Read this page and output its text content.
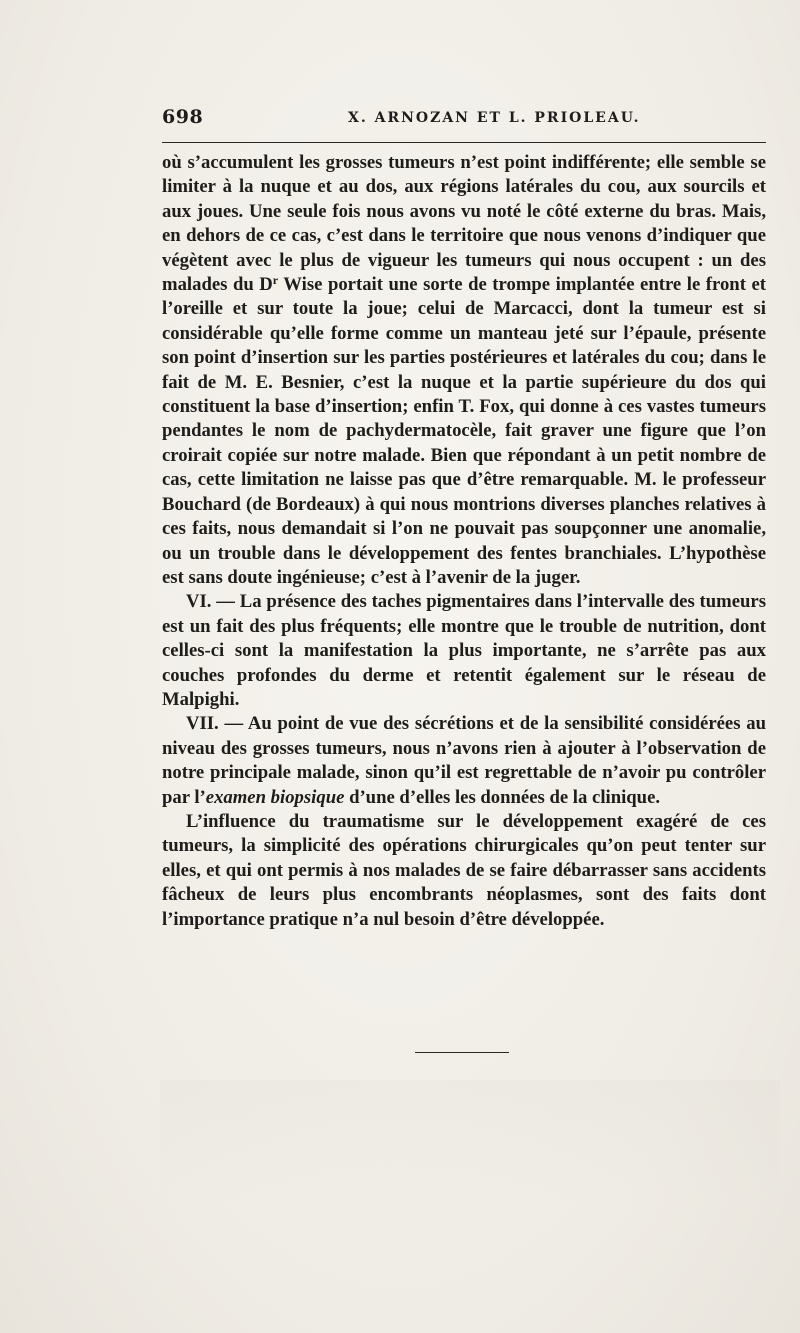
698	X. ARNOZAN ET L. PRIOLEAU.

où s’accumulent les grosses tumeurs n’est point indifférente; elle semble se limiter à la nuque et au dos, aux régions latérales du cou, aux sourcils et aux joues. Une seule fois nous avons vu noté le côté externe du bras. Mais, en dehors de ce cas, c’est dans le territoire que nous venons d’indiquer que végètent avec le plus de vigueur les tumeurs qui nous occupent : un des malades du $D^r$ Wise portait une sorte de trompe implantée entre le front et l’oreille et sur toute la joue; celui de Marcacci, dont la tumeur est si considérable qu’elle forme comme un manteau jeté sur l’épaule, présente son point d’insertion sur les parties postérieures et latérales du cou; dans le fait de M. E. Besnier, c’est la nuque et la partie supérieure du dos qui constituent la base d’insertion; enfin T. Fox, qui donne à ces vastes tumeurs pendantes le nom de pachydermatocèle, fait graver une figure que l’on croirait copiée sur notre malade. Bien que répondant à un petit nombre de cas, cette limitation ne laisse pas que d’être remarquable. M. le professeur Bouchard (de Bordeaux) à qui nous montrions diverses planches relatives à ces faits, nous demandait si l’on ne pouvait pas soupçonner une anomalie, ou un trouble dans le développement des fentes branchiales. L’hypothèse est sans doute ingénieuse; c’est à l’avenir de la juger.

VI. — La présence des taches pigmentaires dans l’intervalle des tumeurs est un fait des plus fréquents; elle montre que le trouble de nutrition, dont celles-ci sont la manifestation la plus importante, ne s’arrête pas aux couches profondes du derme et retentit également sur le réseau de Malpighi.

VII. — Au point de vue des sécrétions et de la sensibilité considérées au niveau des grosses tumeurs, nous n’avons rien à ajouter à l’observation de notre principale malade, sinon qu’il est regrettable de n’avoir pu contrôler par l’examen biopsique d’une d’elles les données de la clinique.

L’influence du traumatisme sur le développement exagéré de ces tumeurs, la simplicité des opérations chirurgicales qu’on peut tenter sur elles, et qui ont permis à nos malades de se faire débarrasser sans accidents fâcheux de leurs plus encombrants néoplasmes, sont des faits dont l’importance pratique n’a nul besoin d’être développée.
